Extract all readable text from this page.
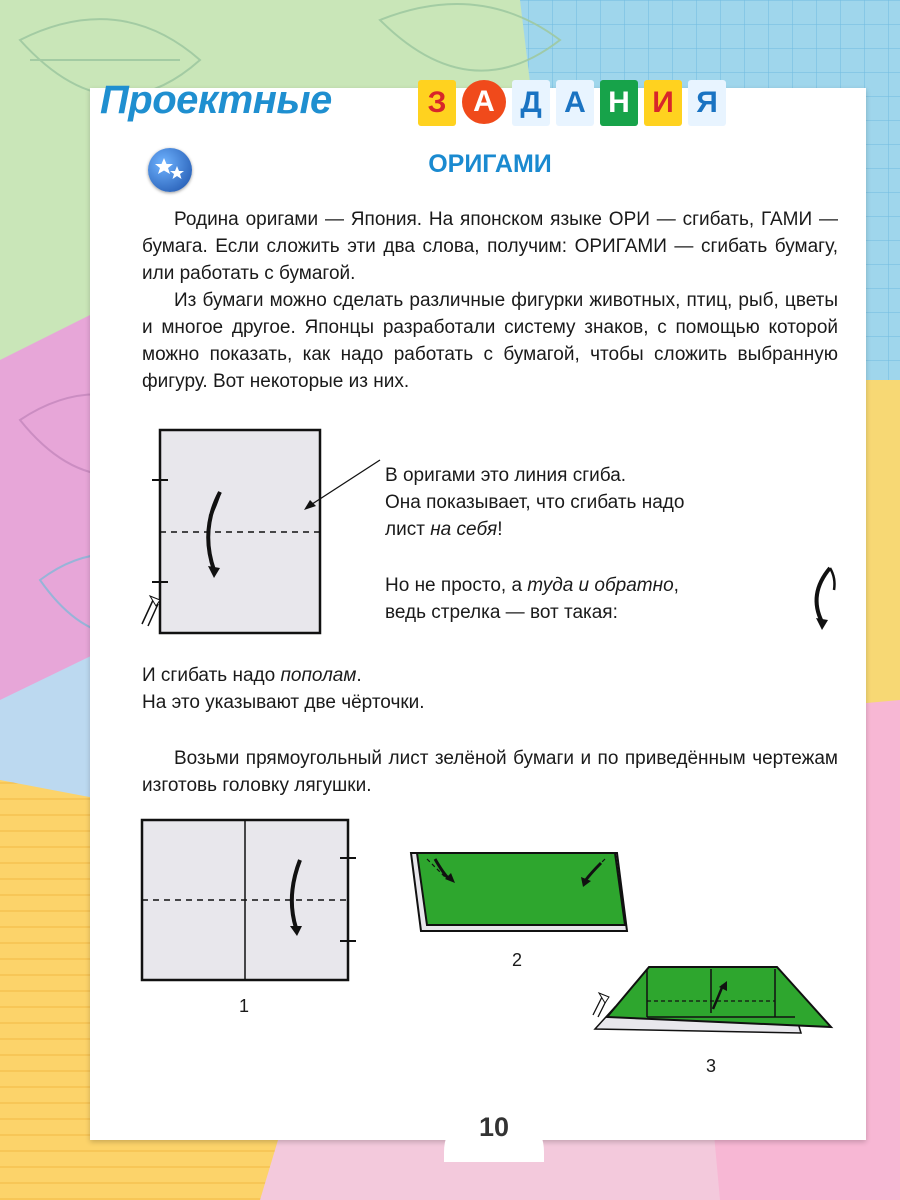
Проектные	З А Д А Н И Я
ОРИГАМИ

Родина оригами — Япония. На японском языке ОРИ — сгибать, ГАМИ — бумага. Если сложить эти два слова, получим: ОРИГАМИ — сгибать бумагу, или работать с бумагой.

Из бумаги можно сделать различные фигурки животных, птиц, рыб, цветы и многое другое. Японцы разработали систему знаков, с помощью которой можно показать, как надо работать с бумагой, чтобы сложить выбранную фигуру. Вот некоторые из них.

В оригами это линия сгиба.
Она показывает, что сгибать надо
лист на себя!
Но не просто, а туда и обратно,
ведь стрелка — вот такая:
И сгибать надо пополам.
На это указывают две чёрточки.

Возьми прямоугольный лист зелёной бумаги и по приведённым чертежам изготовь головку лягушки.

1
2
3
10
